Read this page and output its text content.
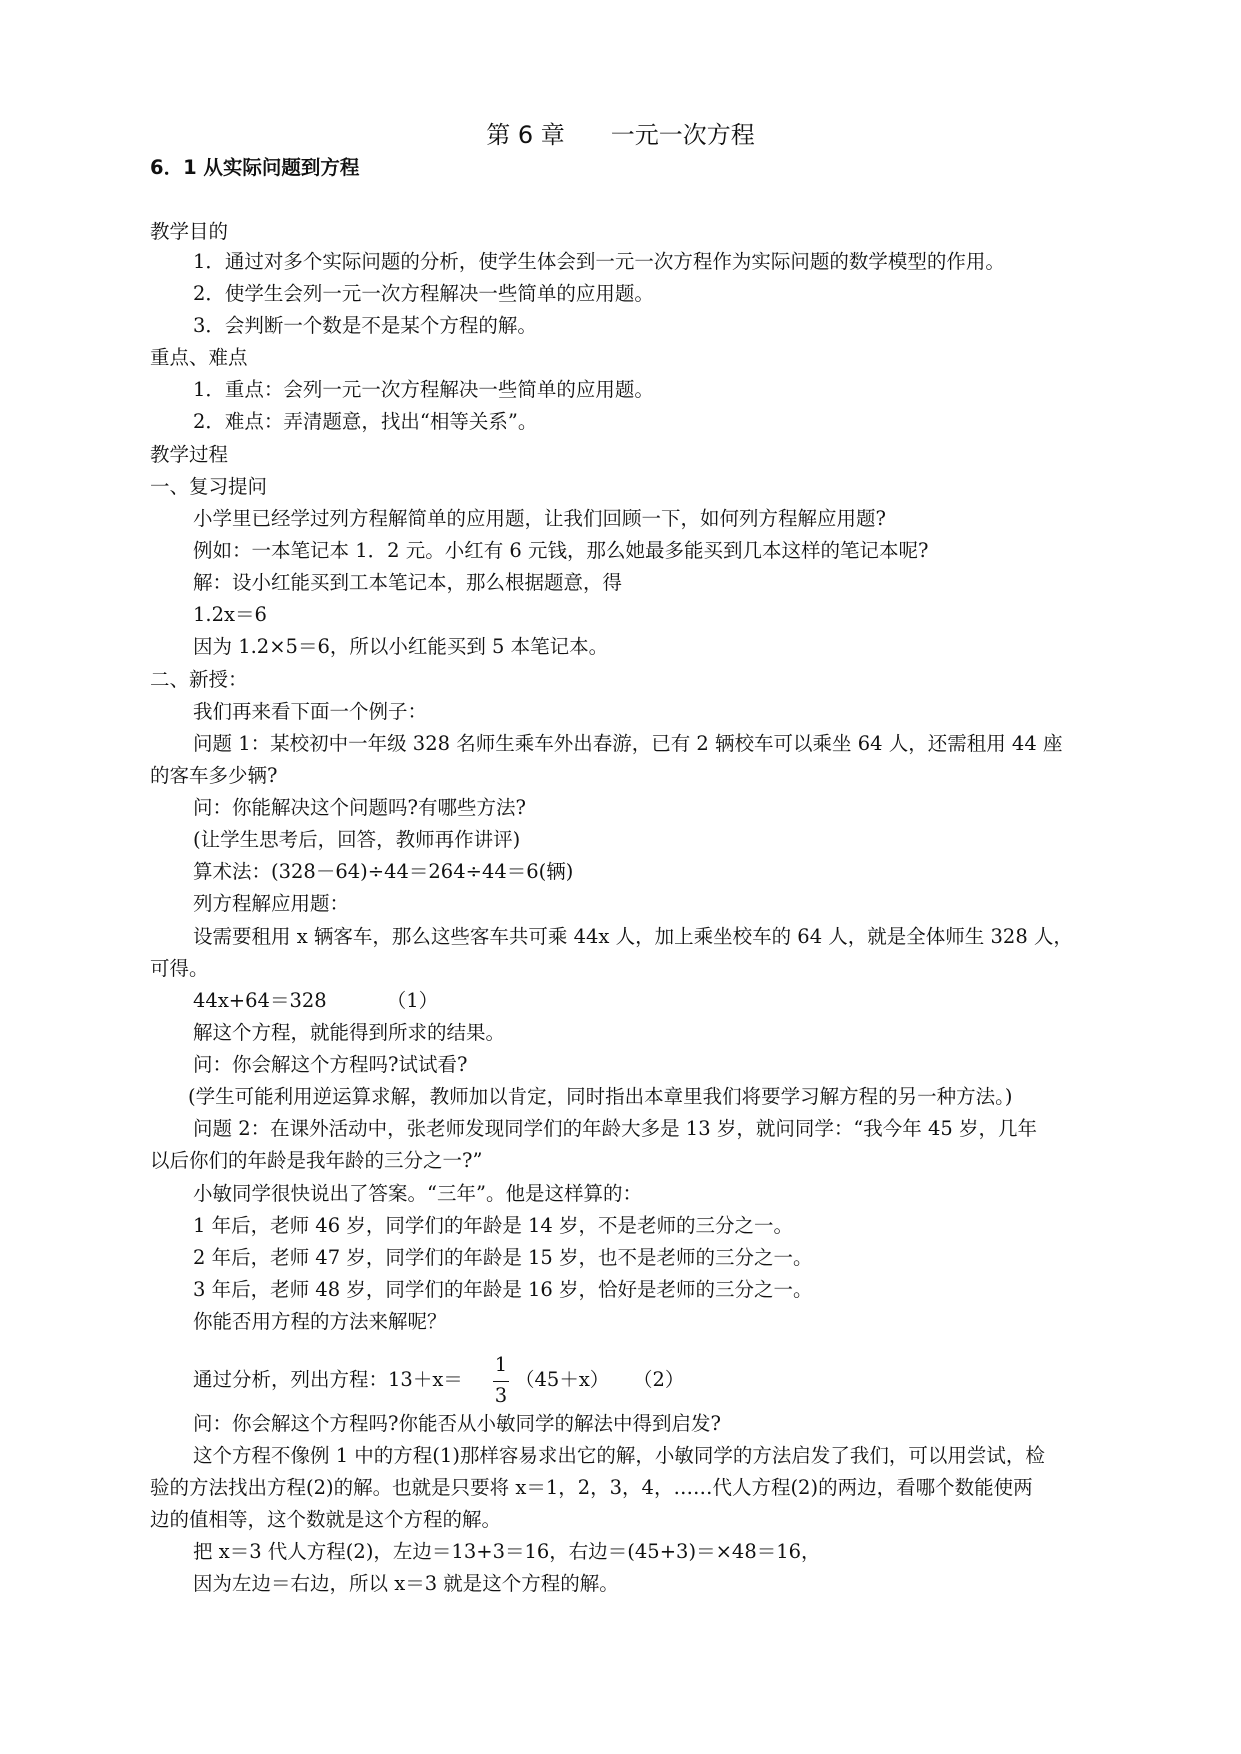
第 6 章 一元一次方程

6．1 从实际问题到方程

教学目的

1．通过对多个实际问题的分析，使学生体会到一元一次方程作为实际问题的数学模型的作用。

2．使学生会列一元一次方程解决一些简单的应用题。

3．会判断一个数是不是某个方程的解。

重点、难点

1．重点：会列一元一次方程解决一些简单的应用题。

2．难点：弄清题意，找出“相等关系”。

教学过程

一、复习提问

小学里已经学过列方程解简单的应用题，让我们回顾一下，如何列方程解应用题?

例如：一本笔记本 1．2 元。小红有 6 元钱，那么她最多能买到几本这样的笔记本呢?

解：设小红能买到工本笔记本，那么根据题意，得

1.2x＝6

因为 1.2×5＝6，所以小红能买到 5 本笔记本。

二、新授：

我们再来看下面一个例子：

问题 1：某校初中一年级 328 名师生乘车外出春游，已有 2 辆校车可以乘坐 64 人，还需租用 44 座

的客车多少辆?

问：你能解决这个问题吗?有哪些方法?

(让学生思考后，回答，教师再作讲评)

算术法：(328－64)÷44＝264÷44＝6(辆)

列方程解应用题：

设需要租用 x 辆客车，那么这些客车共可乘 44x 人，加上乘坐校车的 64 人，就是全体师生 328 人，

可得。

44x+64＝328	（1）

解这个方程，就能得到所求的结果。

问：你会解这个方程吗?试试看?

(学生可能利用逆运算求解，教师加以肯定，同时指出本章里我们将要学习解方程的另一种方法。)

问题 2：在课外活动中，张老师发现同学们的年龄大多是 13 岁，就问同学：“我今年 45 岁，几年

以后你们的年龄是我年龄的三分之一?”

小敏同学很快说出了答案。“三年”。他是这样算的：

1 年后，老师 46 岁，同学们的年龄是 14 岁，不是老师的三分之一。

2 年后，老师 47 岁，同学们的年龄是 15 岁，也不是老师的三分之一。

3 年后，老师 48 岁，同学们的年龄是 16 岁，恰好是老师的三分之一。

你能否用方程的方法来解呢？

通过分析，列出方程：13＋x＝
1
3
（45＋x） （2）

问：你会解这个方程吗?你能否从小敏同学的解法中得到启发?

这个方程不像例 1 中的方程(1)那样容易求出它的解，小敏同学的方法启发了我们，可以用尝试，检

验的方法找出方程(2)的解。也就是只要将 x＝1，2，3，4，……代人方程(2)的两边，看哪个数能使两

边的值相等，这个数就是这个方程的解。

把 x＝3 代人方程(2)，左边＝13+3＝16，右边＝(45+3)＝×48＝16，

因为左边＝右边，所以 x＝3 就是这个方程的解。
